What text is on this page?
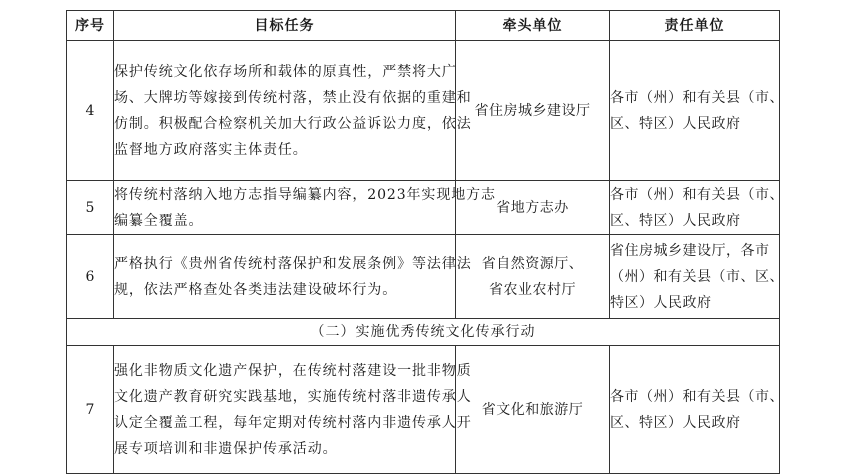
序号	目标任务	牵头单位	责任单位
4	保护传统文化依存场所和载体的原真性，严禁将大广
场、大牌坊等嫁接到传统村落，禁止没有依据的重建和
仿制。积极配合检察机关加大行政公益诉讼力度，依法
监督地方政府落实主体责任。	省住房城乡建设厅	各市（州）和有关县（市、
区、特区）人民政府

5	将传统村落纳入地方志指导编纂内容，2023年实现地方志
编纂全覆盖。	省地方志办	各市（州）和有关县（市、
区、特区）人民政府

6	严格执行《贵州省传统村落保护和发展条例》等法律法
规，依法严格查处各类违法建设破坏行为。	省自然资源厅、
省农业农村厅	省住房城乡建设厅，各市
（州）和有关县（市、区、
特区）人民政府

（二）实施优秀传统文化传承行动			
7	强化非物质文化遗产保护，在传统村落建设一批非物质
文化遗产教育研究实践基地，实施传统村落非遗传承人
认定全覆盖工程，每年定期对传统村落内非遗传承人开
展专项培训和非遗保护传承活动。	省文化和旅游厅	各市（州）和有关县（市、
区、特区）人民政府
